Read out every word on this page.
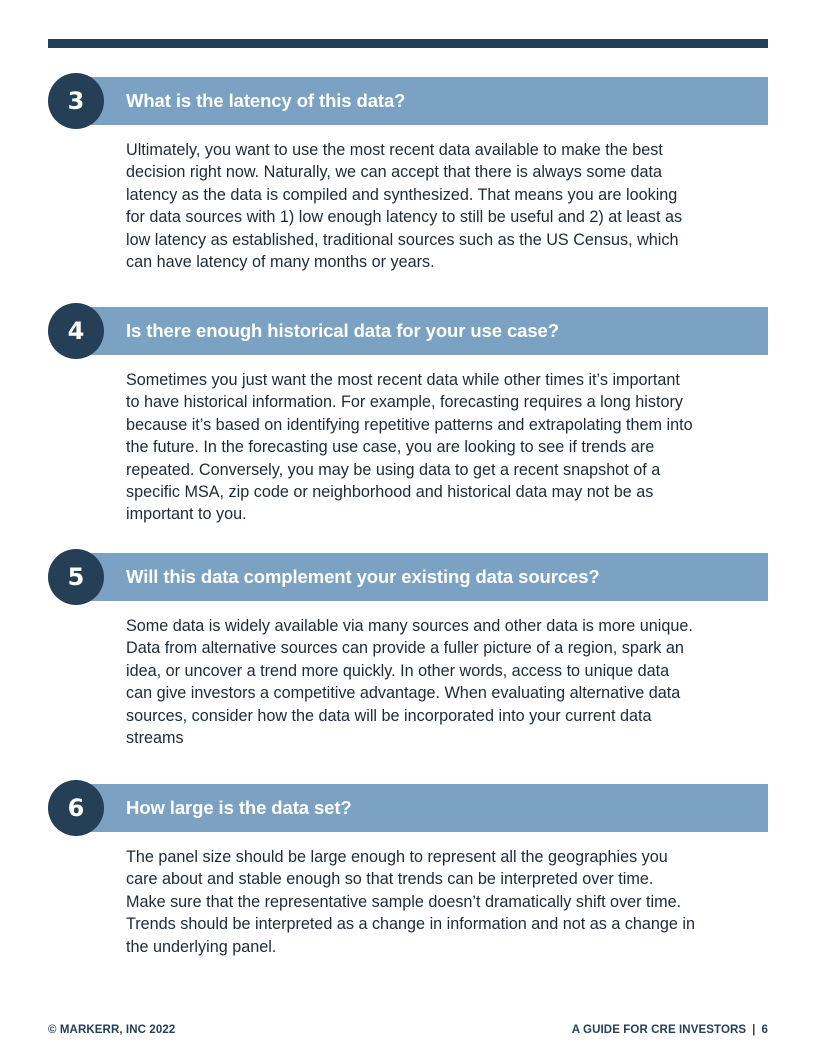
What is the latency of this data?
3

Ultimately, you want to use the most recent data available to make the best decision right now. Naturally, we can accept that there is always some data latency as the data is compiled and synthesized. That means you are looking for data sources with 1) low enough latency to still be useful and 2) at least as low latency as established, traditional sources such as the US Census, which can have latency of many months or years.

Is there enough historical data for your use case?
4

Sometimes you just want the most recent data while other times it’s important to have historical information. For example, forecasting requires a long history because it’s based on identifying repetitive patterns and extrapolating them into the future. In the forecasting use case, you are looking to see if trends are repeated. Conversely, you may be using data to get a recent snapshot of a specific MSA, zip code or neighborhood and historical data may not be as important to you.

Will this data complement your existing data sources?
5

Some data is widely available via many sources and other data is more unique. Data from alternative sources can provide a fuller picture of a region, spark an idea, or uncover a trend more quickly. In other words, access to unique data can give investors a competitive advantage. When evaluating alternative data sources, consider how the data will be incorporated into your current data streams

How large is the data set?
6

The panel size should be large enough to represent all the geographies you care about and stable enough so that trends can be interpreted over time. Make sure that the representative sample doesn’t dramatically shift over time. Trends should be interpreted as a change in information and not as a change in the underlying panel.

© MARKERR, INC 2022	A GUIDE FOR CRE INVESTORS | 6
